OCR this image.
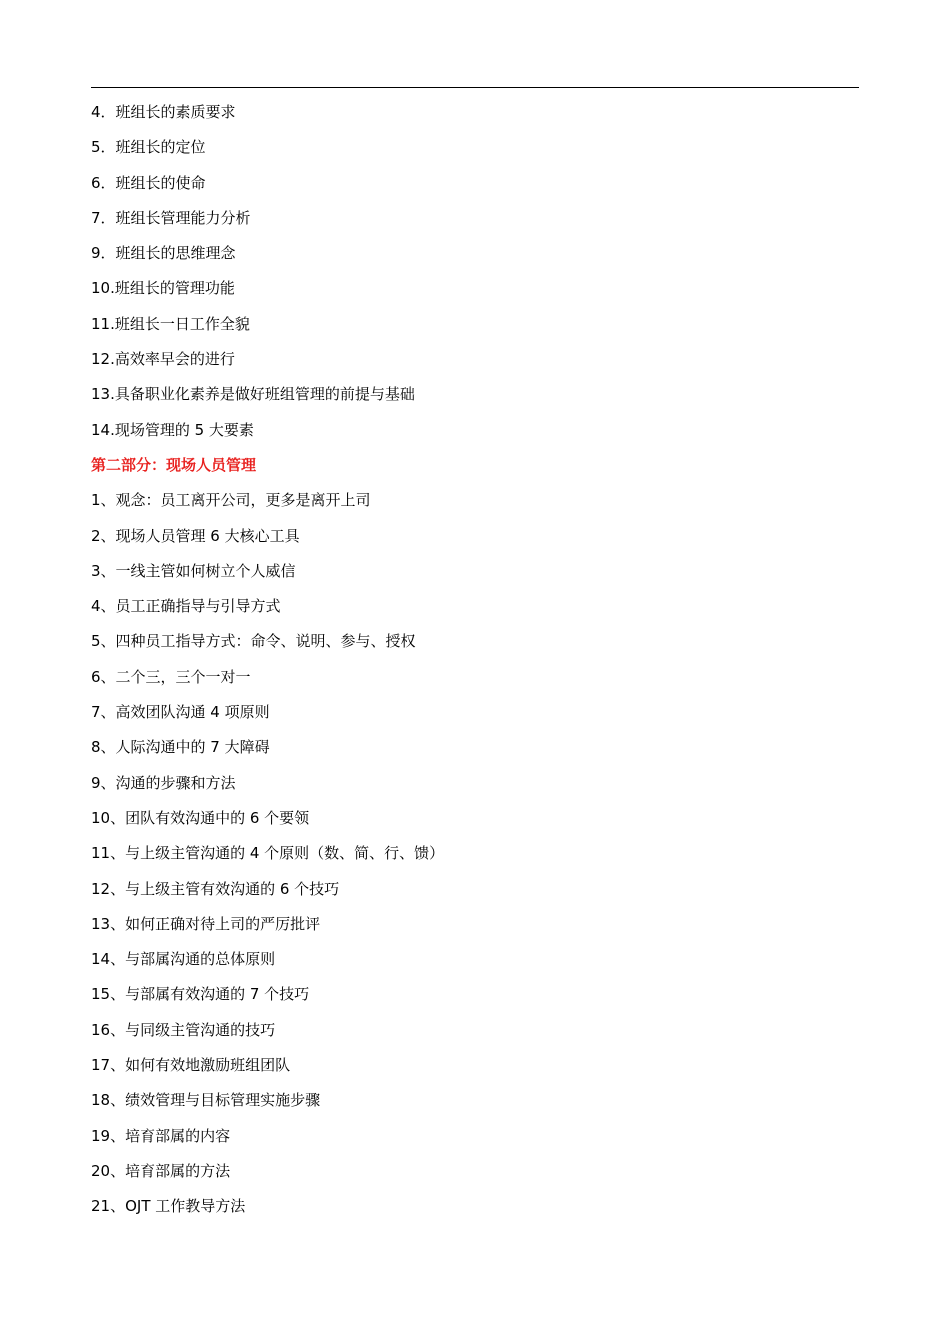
4．班组长的素质要求
5．班组长的定位
6．班组长的使命
7．班组长管理能力分析
9．班组长的思维理念
10.班组长的管理功能
11.班组长一日工作全貌
12.高效率早会的进行
13.具备职业化素养是做好班组管理的前提与基础
14.现场管理的 5 大要素
第二部分：现场人员管理
1、观念：员工离开公司，更多是离开上司
2、现场人员管理 6 大核心工具
3、一线主管如何树立个人威信
4、员工正确指导与引导方式
5、四种员工指导方式：命令、说明、参与、授权
6、二个三，三个一对一
7、高效团队沟通 4 项原则
8、人际沟通中的 7 大障碍
9、沟通的步骤和方法
10、团队有效沟通中的 6 个要领
11、与上级主管沟通的 4 个原则（数、简、行、馈）
12、与上级主管有效沟通的 6 个技巧
13、如何正确对待上司的严厉批评
14、与部属沟通的总体原则
15、与部属有效沟通的 7 个技巧
16、与同级主管沟通的技巧
17、如何有效地激励班组团队
18、绩效管理与目标管理实施步骤
19、培育部属的内容
20、培育部属的方法
21、OJT 工作教导方法
